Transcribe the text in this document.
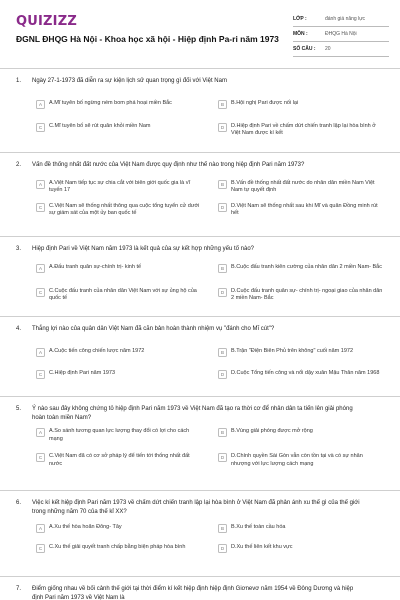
QUIZIZZ
ĐGNL ĐHQG Hà Nội - Khoa học xã hội - Hiệp định Pa-ri năm 1973
LỚP :	đánh giá năng lực
MÔN :	ĐHQG Hà Nội
SỐ CÂU :	20
1. Ngày 27-1-1973 đã diễn ra sự kiện lịch sử quan trọng gì đối với Việt Nam
A	A.Mĩ tuyên bố ngừng ném bom phá hoại miền Bắc	B	B.Hội nghị Pari được nối lại
C	C.Mĩ tuyên bố sẽ rút quân khỏi miền Nam	D	D.Hiệp định Pari về chấm dứt chiến tranh lập lại hòa bình ở Việt Nam được kí kết
2. Vấn đề thống nhất đất nước của Việt Nam được quy định như thế nào trong hiệp định Pari năm 1973?
A	A.Việt Nam tiếp tục sự chia cắt với biên giới quốc gia là vĩ tuyến 17
B	B.Vấn đề thống nhất đất nước do nhân dân miền Nam Việt Nam tự quyết định
C	C.Việt Nam sẽ thống nhất thông qua cuộc tổng tuyển cử dưới sự giám sát của một ủy ban quốc tế
D	D.Việt Nam sẽ thống nhất sau khi Mĩ và quân Đồng minh rút hết
3. Hiệp định Pari về Việt Nam năm 1973 là kết quả của sự kết hợp những yếu tố nào?
A	A.Đấu tranh quân sự-chính trị- kinh tế	B	B.Cuộc đấu tranh kiên cường của nhân dân 2 miền Nam- Bắc
C	C.Cuộc đấu tranh của nhân dân Việt Nam với sự ủng hộ của quốc tế
D	D.Cuộc đấu tranh quân sự- chính trị- ngoại giao của nhân dân 2 miền Nam- Bắc
4. Thắng lợi nào của quân dân Việt Nam đã căn bản hoàn thành nhiệm vụ "đánh cho Mĩ cút"?
A	A.Cuộc tiến công chiến lược năm 1972	B	B.Trận "Điện Biên Phủ trên không" cuối năm 1972
C	C.Hiệp định Pari năm 1973	D	D.Cuộc Tổng tiến công và nổi dậy xuân Mậu Thân năm 1968
5. Ý nào sau đây không chứng tỏ hiệp định Pari năm 1973 về Việt Nam đã tạo ra thời cơ để nhân dân ta tiến lên giải phóng hoàn toàn miền Nam?
A	A.So sánh tương quan lực lượng thay đổi có lợi cho cách mạng
B	B.Vùng giải phóng được mở rộng
C	C.Việt Nam đã có cơ sở pháp lý để tiến tới thống nhất đất nước
D	D.Chính quyền Sài Gòn vẫn còn tồn tại và có sự nhân nhượng với lực lượng cách mạng
6. Việc kí kết hiệp định Pari năm 1973 về chấm dứt chiến tranh lập lại hòa bình ở Việt Nam đã phản ánh xu thế gì của thế giới trong những năm 70 của thế kỉ XX?
A	A.Xu thế hòa hoãn Đông- Tây	B	B.Xu thế toàn cầu hóa
C	C.Xu thế giải quyết tranh chấp bằng biện pháp hòa bình	D	D.Xu thế liên kết khu vực
7. Điểm giống nhau về bối cảnh thế giới tại thời điểm kí kết hiệp định hiệp định Giơnevơ năm 1954 về Đông Dương và hiệp định Pari năm 1973 về Việt Nam là
